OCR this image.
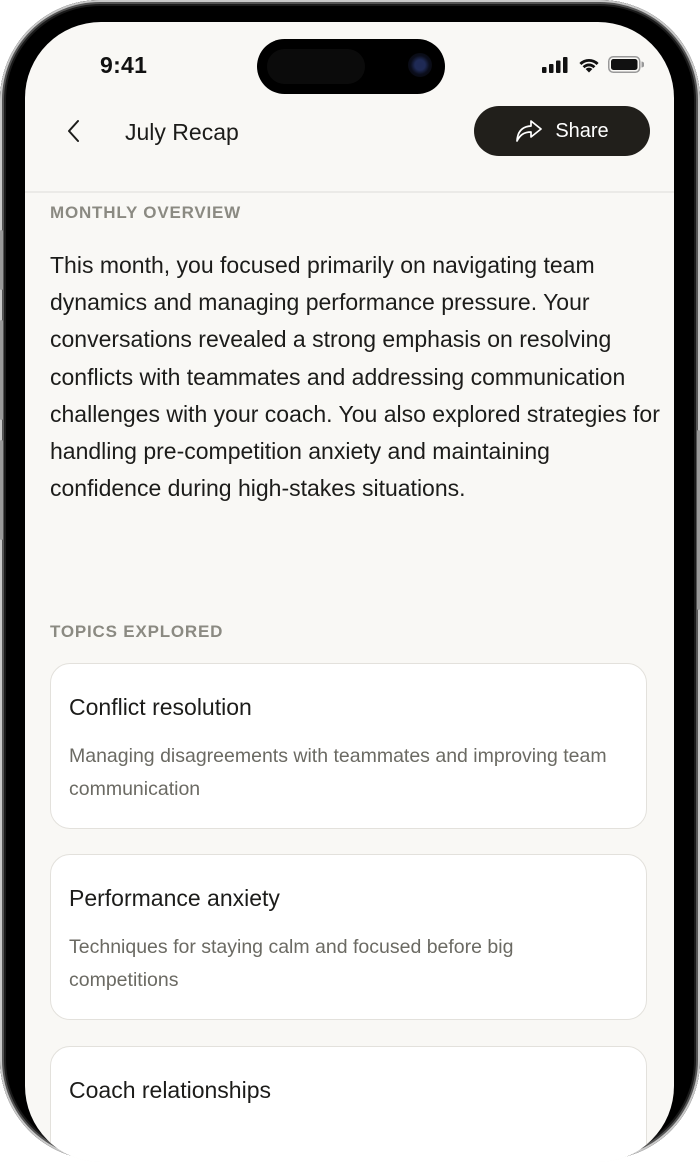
9:41
July Recap	Share
MONTHLY OVERVIEW
This month, you focused primarily on navigating team dynamics and managing performance pressure. Your conversations revealed a strong emphasis on resolving conflicts with teammates and addressing communication challenges with your coach. You also explored strategies for handling pre-competition anxiety and maintaining confidence during high-stakes situations.
TOPICS EXPLORED
Conflict resolution
Managing disagreements with teammates and improving team communication
Performance anxiety
Techniques for staying calm and focused before big competitions
Coach relationships
